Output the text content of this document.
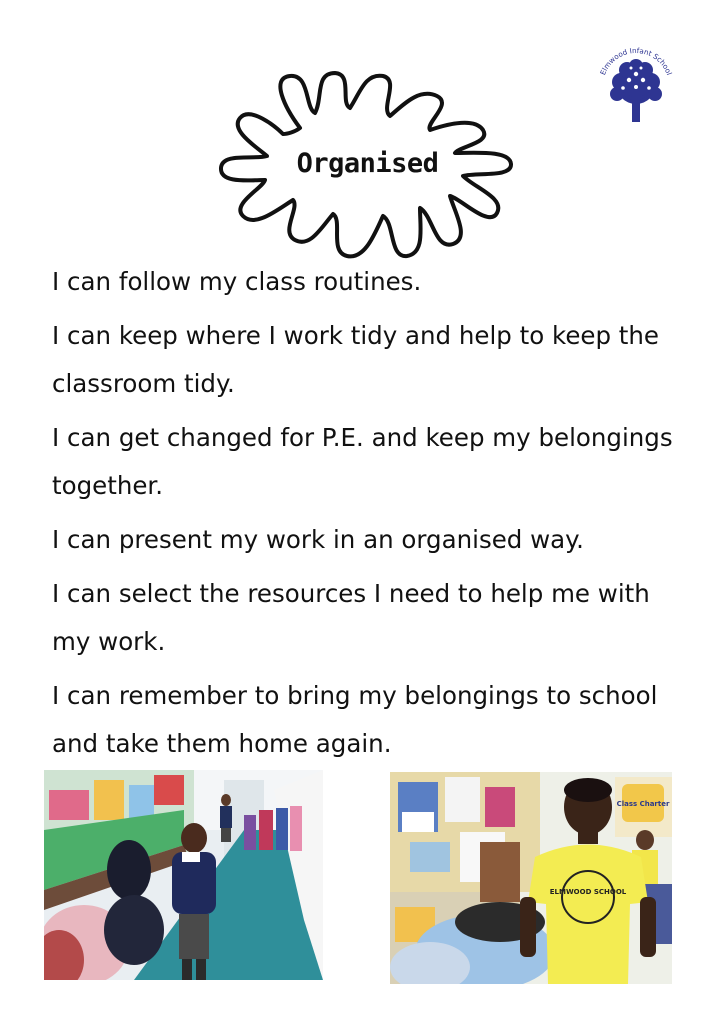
Organised
Elmwood Infant School
I can follow my class routines.
I can keep where I work tidy and help to keep the classroom tidy.
I can get changed for P.E. and keep my belongings together.
I can present my work in an organised way.
I can select the resources I need to help me with my work.
I can remember to bring my belongings to school and take them home again.
Class Charter
ELMWOOD SCHOOL
